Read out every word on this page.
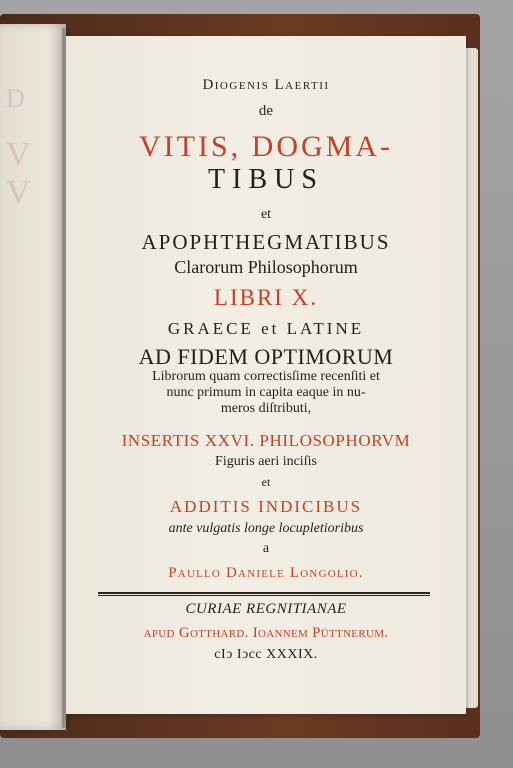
D
V
V
Diogenis Laertii
de
VITIS, DOGMA-
TIBUS
et
APOPHTHEGMATIBUS
Clarorum Philosophorum
LIBRI X.
GRAECE et LATINE
AD FIDEM OPTIMORUM
Librorum quam correctisſime recenſiti et
nunc primum in capita eaque in nu-
meros diſtributi,
INSERTIS XXVI. PHILOSOPHORVM
Figuris aeri inciſis
et
ADDITIS INDICIBUS
ante vulgatis longe locupletioribus
a
Paullo Daniele Longolio.
CURIAE REGNITIANAE
apud Gotthard. Ioannem Püttnerum.
cIↄ Iↄcc XXXIX.
